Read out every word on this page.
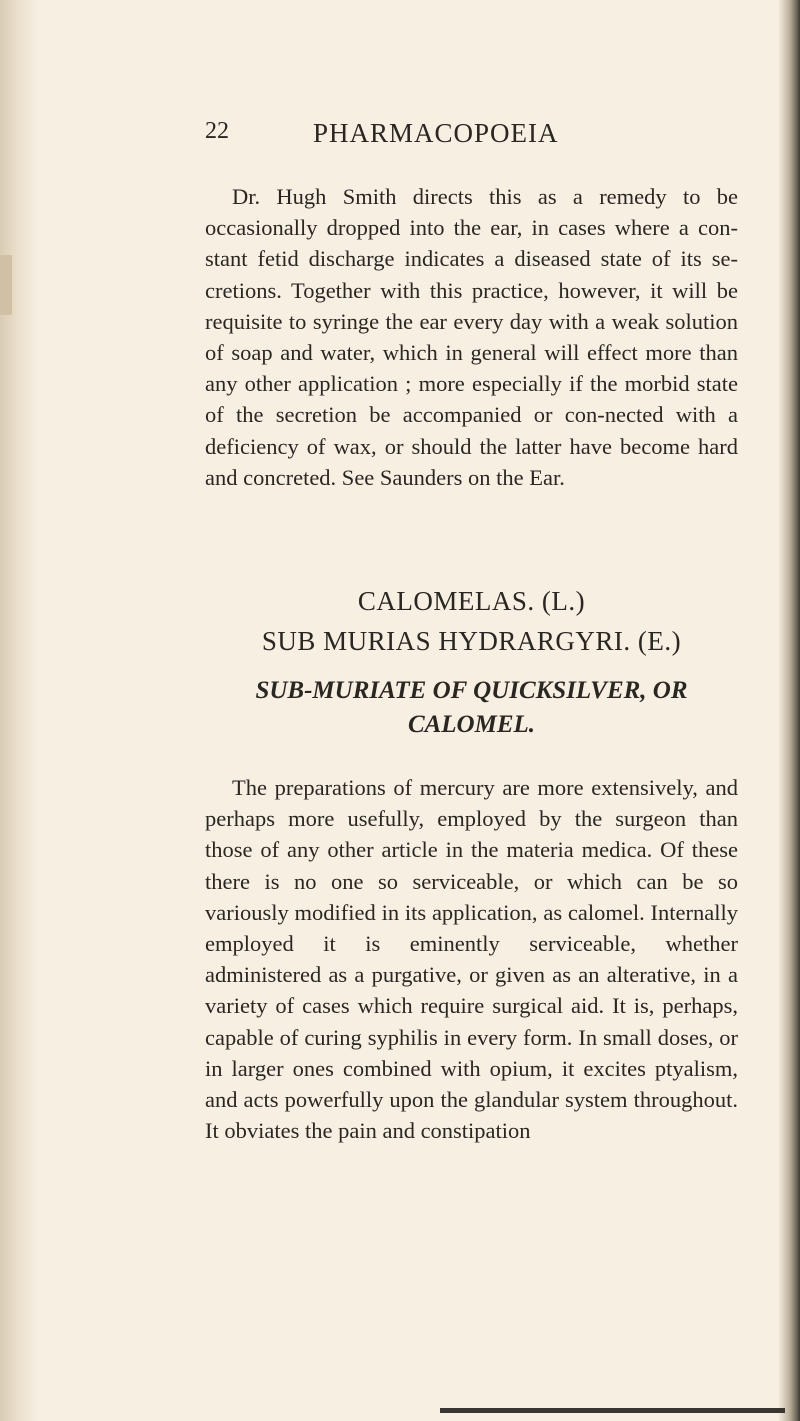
22	PHARMACOPOEIA

Dr. Hugh Smith directs this as a remedy to be occasionally dropped into the ear, in cases where a con-stant fetid discharge indicates a diseased state of its se-cretions. Together with this practice, however, it will be requisite to syringe the ear every day with a weak solution of soap and water, which in general will effect more than any other application ; more especially if the morbid state of the secretion be accompanied or con-nected with a deficiency of wax, or should the latter have become hard and concreted. See Saunders on the Ear.

CALOMELAS. (L.)
SUB MURIAS HYDRARGYRI. (E.)
SUB-MURIATE OF QUICKSILVER, OR
CALOMEL.

The preparations of mercury are more extensively, and perhaps more usefully, employed by the surgeon than those of any other article in the materia medica. Of these there is no one so serviceable, or which can be so variously modified in its application, as calomel. Internally employed it is eminently serviceable, whether administered as a purgative, or given as an alterative, in a variety of cases which require surgical aid. It is, perhaps, capable of curing syphilis in every form. In small doses, or in larger ones combined with opium, it excites ptyalism, and acts powerfully upon the glandular system throughout. It obviates the pain and constipation
